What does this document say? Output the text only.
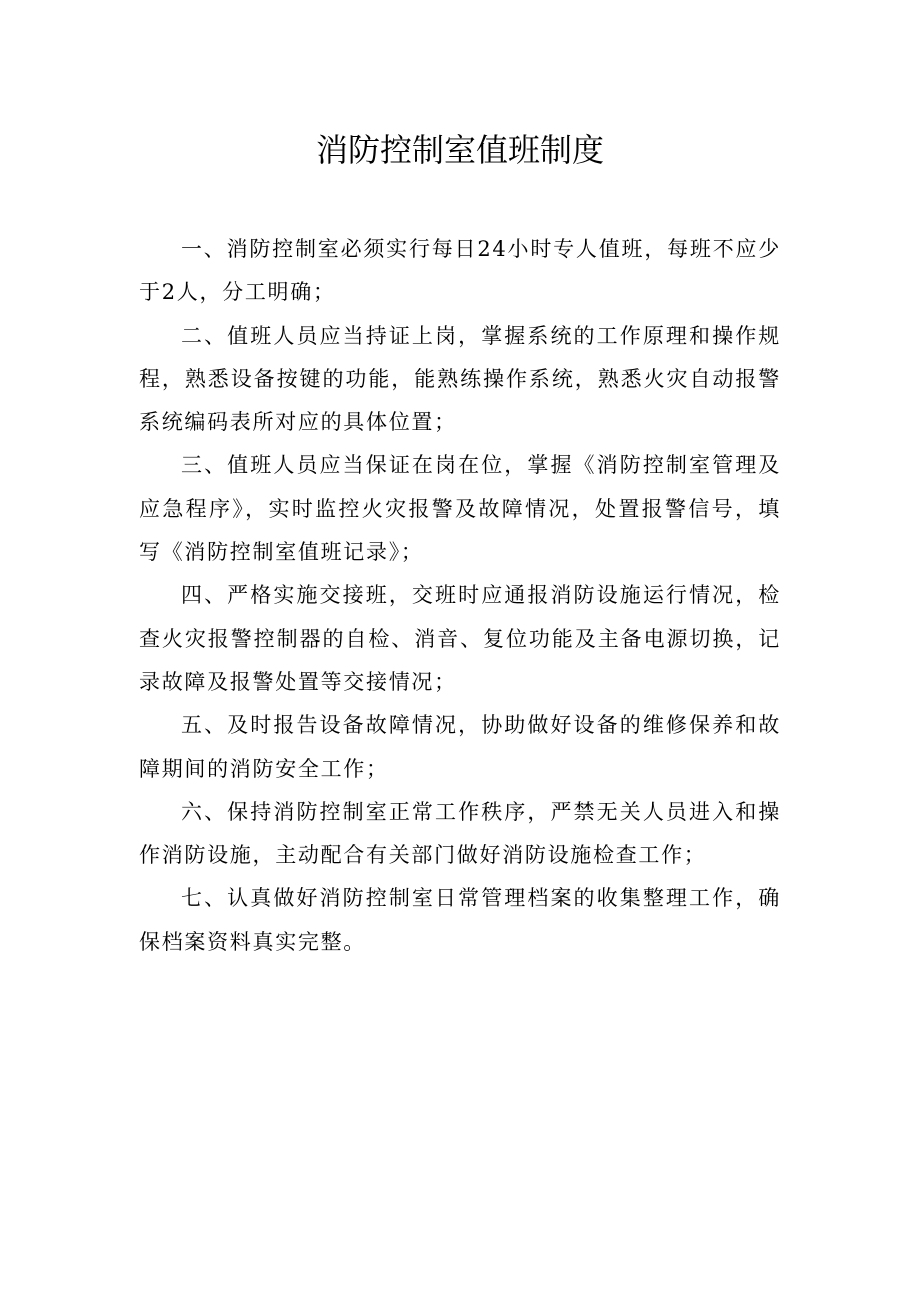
消防控制室值班制度

一、消防控制室必须实行每日24小时专人值班，每班不应少于2人，分工明确；

二、值班人员应当持证上岗，掌握系统的工作原理和操作规程，熟悉设备按键的功能，能熟练操作系统，熟悉火灾自动报警系统编码表所对应的具体位置；

三、值班人员应当保证在岗在位，掌握《消防控制室管理及应急程序》，实时监控火灾报警及故障情况，处置报警信号，填写《消防控制室值班记录》；

四、严格实施交接班，交班时应通报消防设施运行情况，检查火灾报警控制器的自检、消音、复位功能及主备电源切换，记录故障及报警处置等交接情况；

五、及时报告设备故障情况，协助做好设备的维修保养和故障期间的消防安全工作；

六、保持消防控制室正常工作秩序，严禁无关人员进入和操作消防设施，主动配合有关部门做好消防设施检查工作；

七、认真做好消防控制室日常管理档案的收集整理工作，确保档案资料真实完整。
